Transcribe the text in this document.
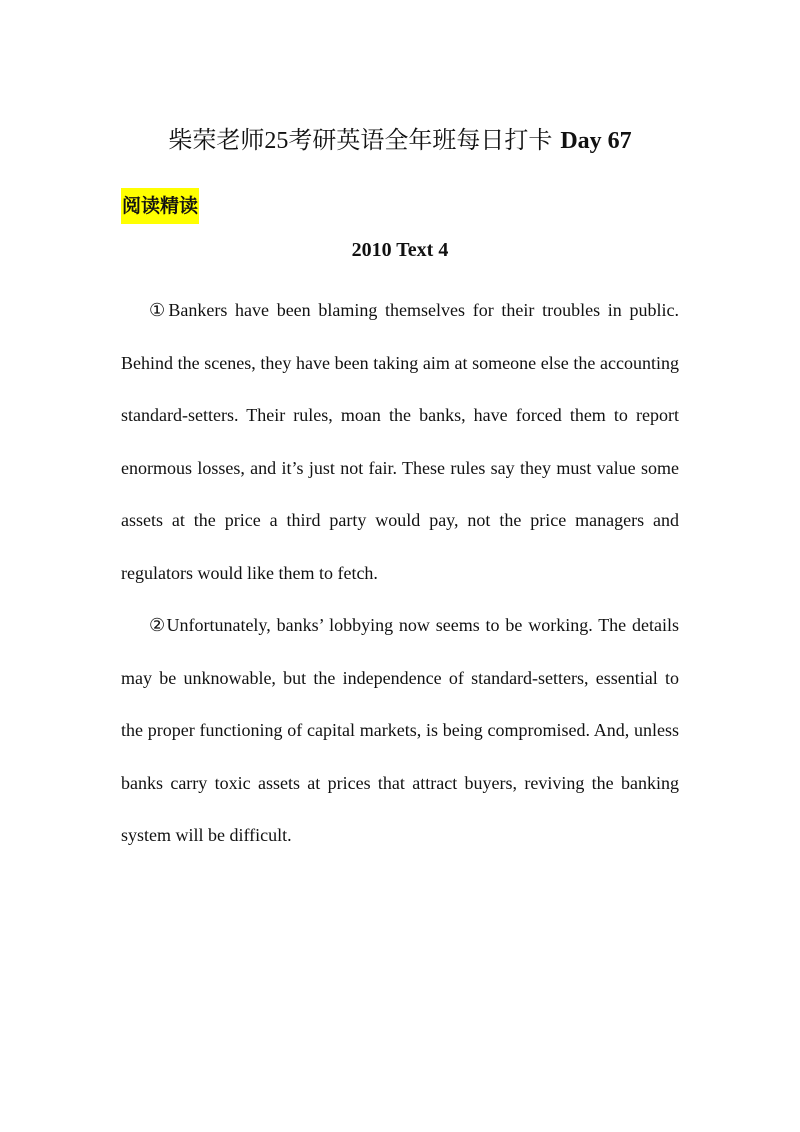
柴荣老师25考研英语全年班每日打卡 Day 67
阅读精读
2010 Text 4

①Bankers have been blaming themselves for their troubles in public. Behind the scenes, they have been taking aim at someone else the accounting standard-setters. Their rules, moan the banks, have forced them to report enormous losses, and it’s just not fair. These rules say they must value some assets at the price a third party would pay, not the price managers and regulators would like them to fetch.

②Unfortunately, banks’ lobbying now seems to be working. The details may be unknowable, but the independence of standard-setters, essential to the proper functioning of capital markets, is being compromised. And, unless banks carry toxic assets at prices that attract buyers, reviving the banking system will be difficult.
